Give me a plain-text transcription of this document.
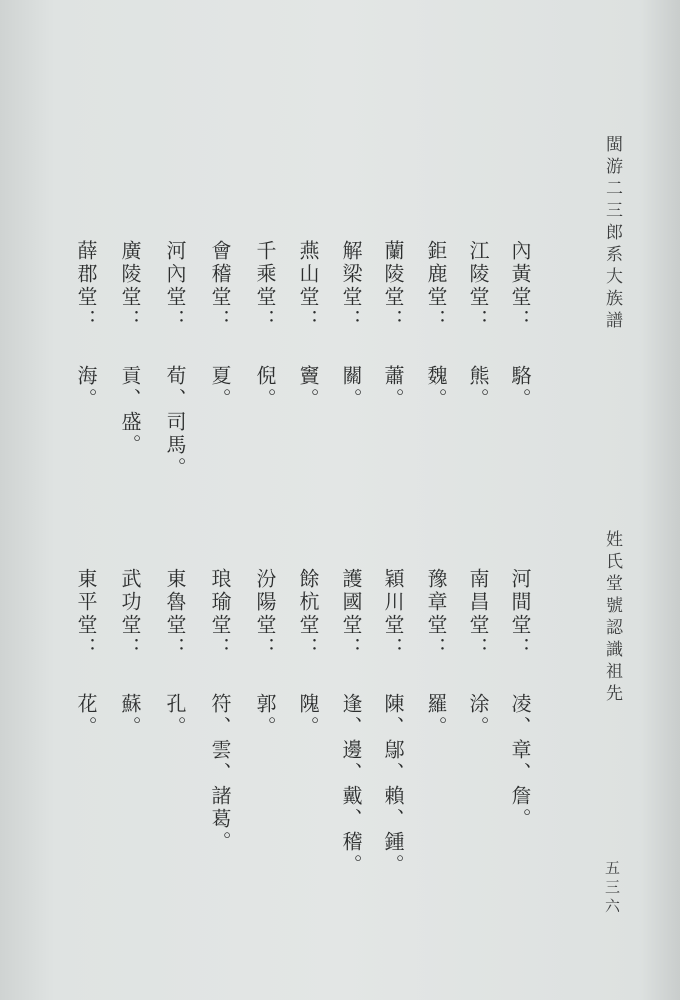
閩游二三郎系大族譜
姓氏堂號認識祖先
內黃堂：駱。
江陵堂：熊。
鉅鹿堂：魏。
蘭陵堂：蕭。
解梁堂：關。
燕山堂：竇。
千乘堂：倪。
會稽堂：夏。
河內堂：荀、司馬。
廣陵堂：貢、盛。
薛郡堂：海。
河間堂：凌、章、詹。
南昌堂：涂。
豫章堂：羅。
穎川堂：陳、鄔、賴、鍾。
護國堂：逢、邊、戴、稽。
餘杭堂：隗。
汾陽堂：郭。
琅瑜堂：符、雲、諸葛。
東魯堂：孔。
武功堂：蘇。
東平堂：花。
五三六
